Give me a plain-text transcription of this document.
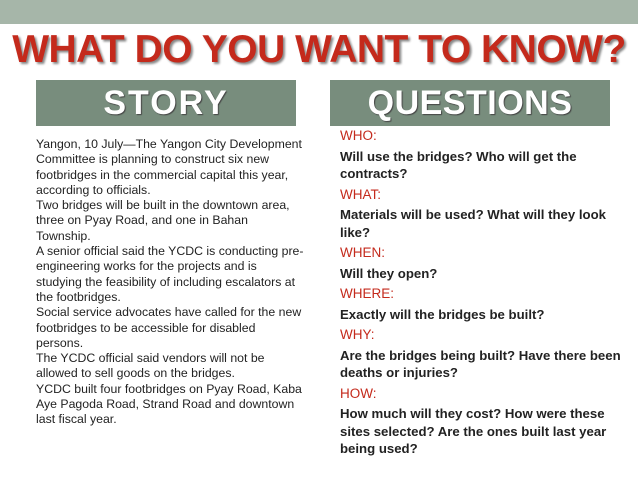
WHAT DO YOU WANT TO KNOW?
STORY	QUESTIONS

Yangon, 10 July—The Yangon City Development Committee is planning to construct six new footbridges in the commercial capital this year, according to officials.

Two bridges will be built in the downtown area, three on Pyay Road, and one in Bahan Township.

A senior official said the YCDC is conducting pre-engineering works for the projects and is studying the feasibility of including escalators at the footbridges.

Social service advocates have called for the new footbridges to be accessible for disabled persons.

The YCDC official said vendors will not be allowed to sell goods on the bridges.

YCDC built four footbridges on Pyay Road, Kaba Aye Pagoda Road, Strand Road and downtown last fiscal year.

WHO:
Will use the bridges? Who will get the contracts?
WHAT:
Materials will be used? What will they look like?
WHEN:
Will they open?
WHERE:
Exactly will the bridges be built?
WHY:
Are the bridges being built? Have there been deaths or injuries?
HOW:
How much will they cost? How were these sites selected? Are the ones built last year being used?
